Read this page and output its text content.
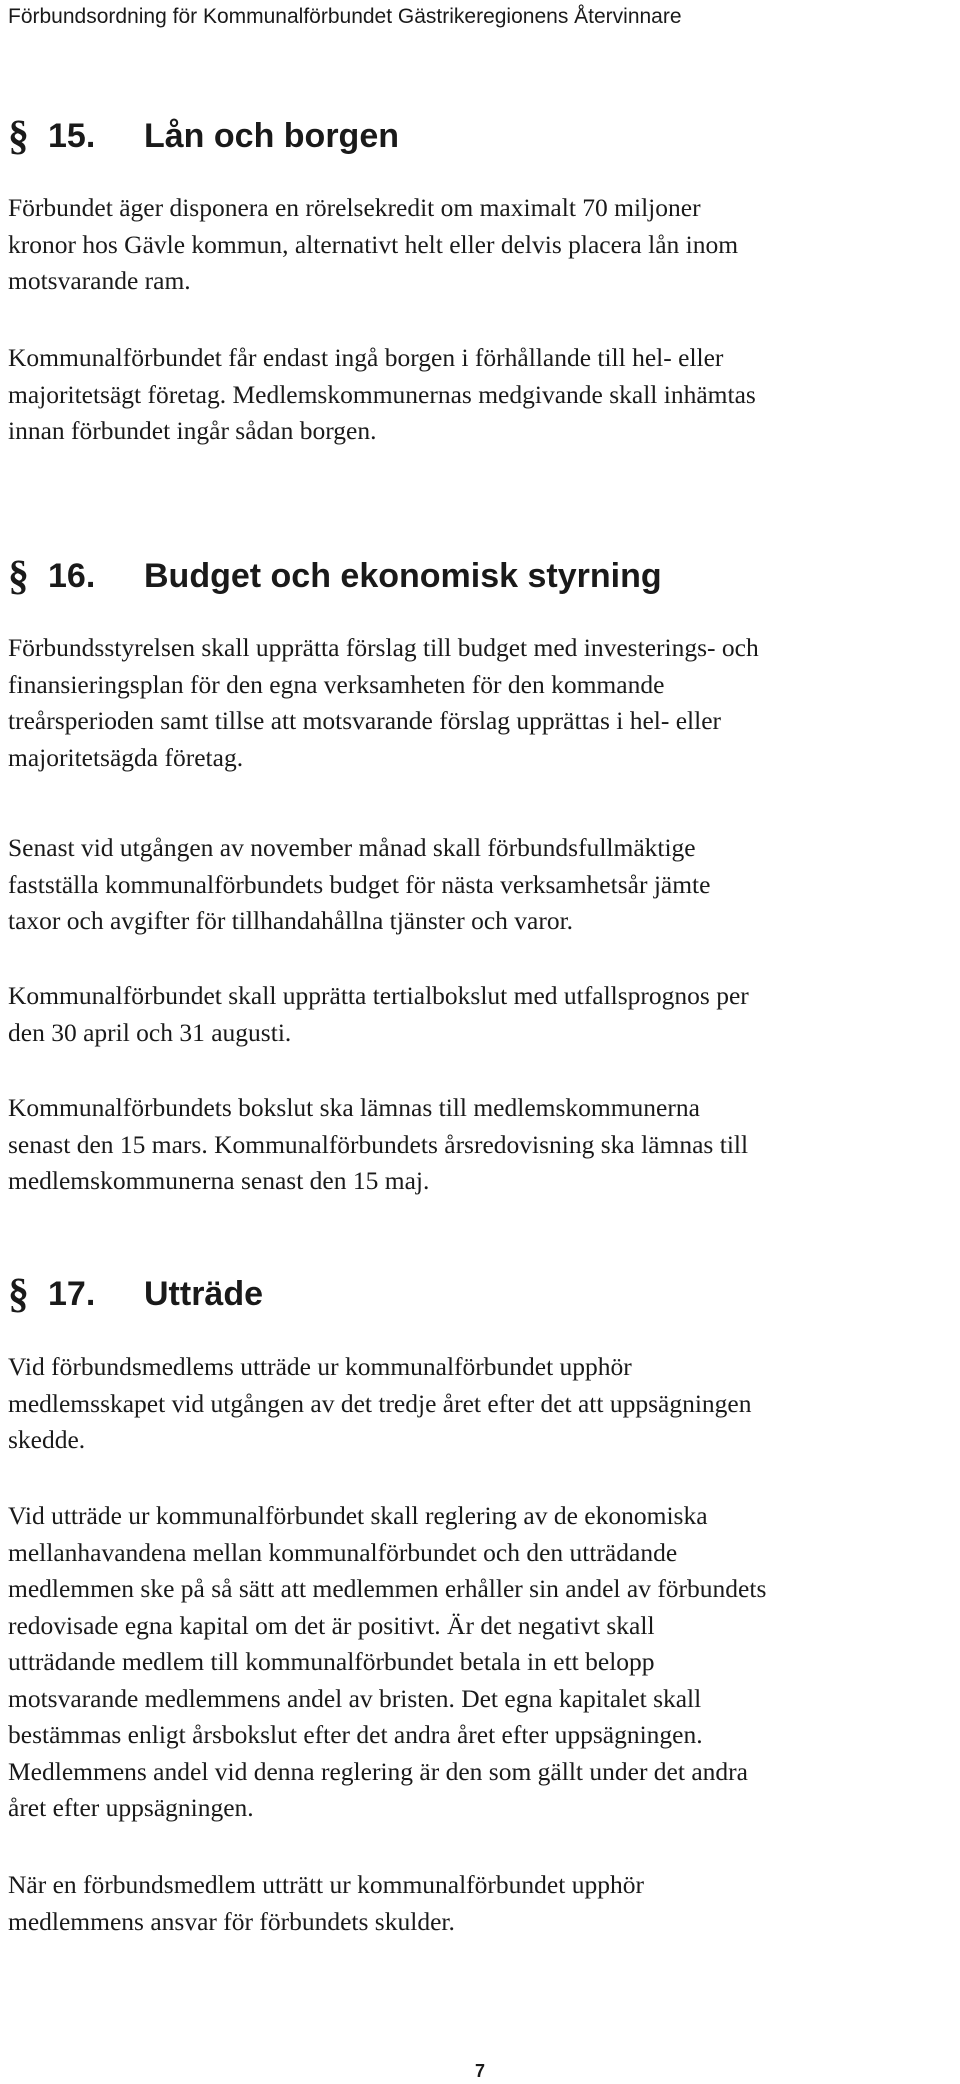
Förbundsordning för Kommunalförbundet Gästrikeregionens Återvinnare
§ 15.	Lån och borgen
Förbundet äger disponera en rörelsekredit om maximalt 70 miljoner
kronor hos Gävle kommun, alternativt helt eller delvis placera lån inom
motsvarande ram.
Kommunalförbundet får endast ingå borgen i förhållande till hel- eller
majoritetsägt företag. Medlemskommunernas medgivande skall inhämtas
innan förbundet ingår sådan borgen.
§ 16.	Budget och ekonomisk styrning
Förbundsstyrelsen skall upprätta förslag till budget med investerings- och
finansieringsplan för den egna verksamheten för den kommande
treårsperioden samt tillse att motsvarande förslag upprättas i hel- eller
majoritetsägda företag.
Senast vid utgången av november månad skall förbundsfullmäktige
fastställa kommunalförbundets budget för nästa verksamhetsår jämte
taxor och avgifter för tillhandahållna tjänster och varor.
Kommunalförbundet skall upprätta tertialbokslut med utfallsprognos per
den 30 april och 31 augusti.
Kommunalförbundets bokslut ska lämnas till medlemskommunerna
senast den 15 mars. Kommunalförbundets årsredovisning ska lämnas till
medlemskommunerna senast den 15 maj.
§ 17.	Utträde
Vid förbundsmedlems utträde ur kommunalförbundet upphör
medlemsskapet vid utgången av det tredje året efter det att uppsägningen
skedde.
Vid utträde ur kommunalförbundet skall reglering av de ekonomiska
mellanhavandena mellan kommunalförbundet och den utträdande
medlemmen ske på så sätt att medlemmen erhåller sin andel av förbundets
redovisade egna kapital om det är positivt. Är det negativt skall
utträdande medlem till kommunalförbundet betala in ett belopp
motsvarande medlemmens andel av bristen. Det egna kapitalet skall
bestämmas enligt årsbokslut efter det andra året efter uppsägningen.
Medlemmens andel vid denna reglering är den som gällt under det andra
året efter uppsägningen.
När en förbundsmedlem utträtt ur kommunalförbundet upphör
medlemmens ansvar för förbundets skulder.
7
